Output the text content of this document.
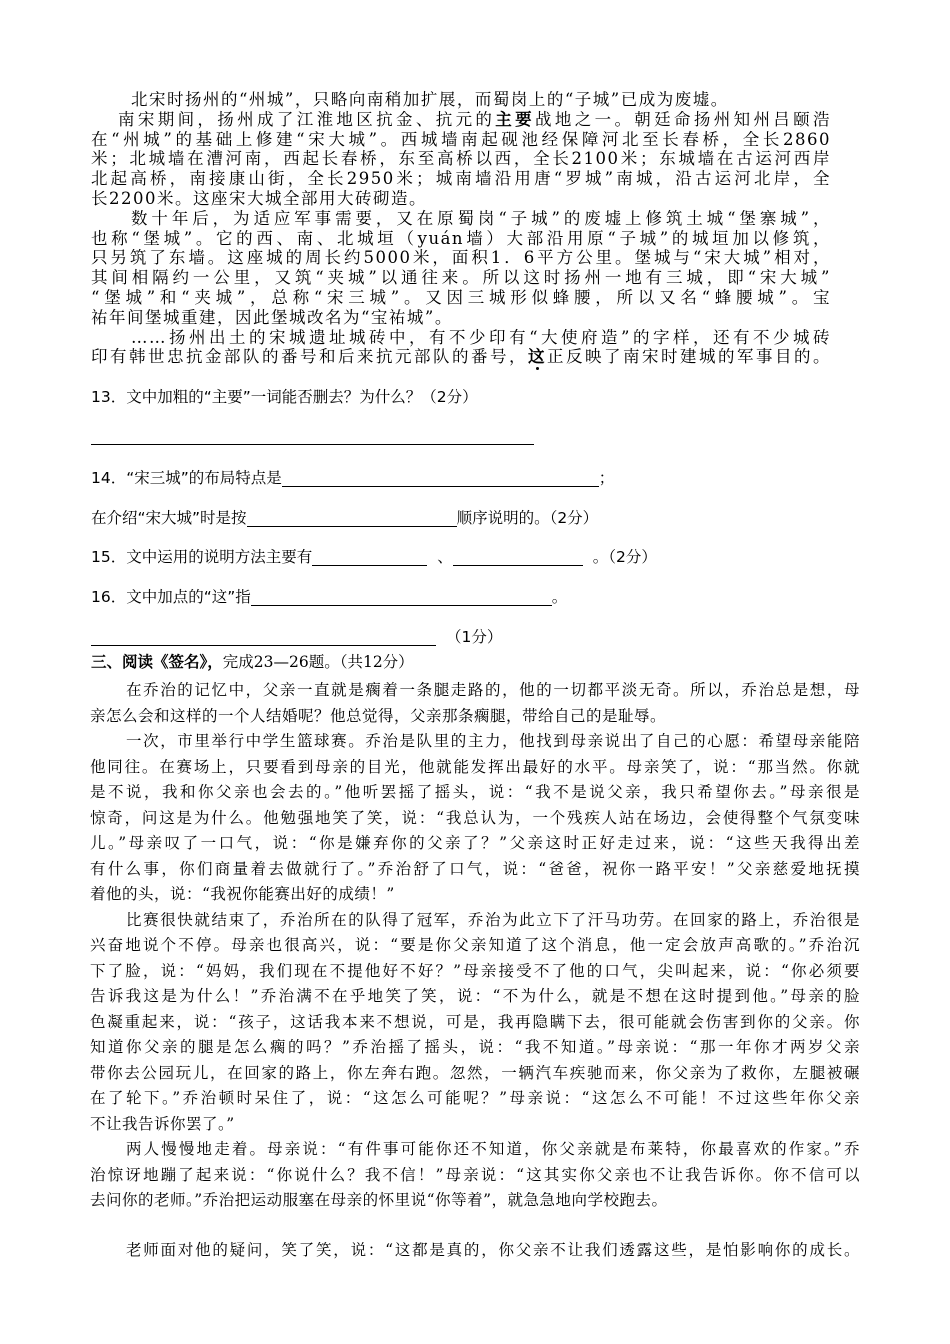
北宋时扬州的“州城”，只略向南稍加扩展，而蜀岗上的“子城”已成为废墟。
南宋期间，扬州成了江淮地区抗金、抗元的主要战地之一。朝廷命扬州知州吕颐浩
在“州城”的基础上修建“宋大城”。西城墙南起砚池经保障河北至长春桥，全长2860
米；北城墙在漕河南，西起长春桥，东至高桥以西，全长2100米；东城墙在古运河西岸
北起高桥，南接康山街，全长2950米；城南墙沿用唐“罗城”南城，沿古运河北岸，全
长2200米。这座宋大城全部用大砖砌造。
数十年后，为适应军事需要，又在原蜀岗“子城”的废墟上修筑土城“堡寨城”，
也称“堡城”。它的西、南、北城垣（yuán墙）大部沿用原“子城”的城垣加以修筑，
只另筑了东墙。这座城的周长约5000米，面积1．6平方公里。堡城与“宋大城”相对，
其间相隔约一公里，又筑“夹城”以通往来。所以这时扬州一地有三城，即“宋大城”
“堡城”和“夹城”，总称“宋三城”。又因三城形似蜂腰，所以又名“蜂腰城”。宝
祐年间堡城重建，因此堡城改名为“宝祐城”。
……扬州出土的宋城遗址城砖中，有不少印有“大使府造”的字样，还有不少城砖
印有韩世忠抗金部队的番号和后来抗元部队的番号，这正反映了南宋时建城的军事目的。
13．文中加粗的“主要”一词能否删去？为什么？（2分）
14．“宋三城”的布局特点是	；
在介绍“宋大城”时是按	顺序说明的。（2分）
15．文中运用的说明方法主要有	、	。（2分）
16．文中加点的“这”指	。
（1分）
三、阅读《签名》，完成23—26题。（共12分）
在乔治的记忆中，父亲一直就是瘸着一条腿走路的，他的一切都平淡无奇。所以，乔治总是想，母
亲怎么会和这样的一个人结婚呢？他总觉得，父亲那条瘸腿，带给自己的是耻辱。
一次，市里举行中学生篮球赛。乔治是队里的主力，他找到母亲说出了自己的心愿：希望母亲能陪
他同往。在赛场上，只要看到母亲的目光，他就能发挥出最好的水平。母亲笑了，说：“那当然。你就
是不说，我和你父亲也会去的。”他听罢摇了摇头，说：“我不是说父亲，我只希望你去。”母亲很是
惊奇，问这是为什么。他勉强地笑了笑，说：“我总认为，一个残疾人站在场边，会使得整个气氛变味
儿。”母亲叹了一口气，说：“你是嫌弃你的父亲了？”父亲这时正好走过来，说：“这些天我得出差
有什么事，你们商量着去做就行了。”乔治舒了口气，说：“爸爸，祝你一路平安！”父亲慈爱地抚摸
着他的头，说：“我祝你能赛出好的成绩！”
比赛很快就结束了，乔治所在的队得了冠军，乔治为此立下了汗马功劳。在回家的路上，乔治很是
兴奋地说个不停。母亲也很高兴，说：“要是你父亲知道了这个消息，他一定会放声高歌的。”乔治沉
下了脸，说：“妈妈，我们现在不提他好不好？”母亲接受不了他的口气，尖叫起来，说：“你必须要
告诉我这是为什么！”乔治满不在乎地笑了笑，说：“不为什么，就是不想在这时提到他。”母亲的脸
色凝重起来，说：“孩子，这话我本来不想说，可是，我再隐瞒下去，很可能就会伤害到你的父亲。你
知道你父亲的腿是怎么瘸的吗？”乔治摇了摇头，说：“我不知道。”母亲说：“那一年你才两岁父亲
带你去公园玩儿，在回家的路上，你左奔右跑。忽然，一辆汽车疾驰而来，你父亲为了救你，左腿被碾
在了轮下。”乔治顿时呆住了，说：“这怎么可能呢？”母亲说：“这怎么不可能！不过这些年你父亲
不让我告诉你罢了。”
两人慢慢地走着。母亲说：“有件事可能你还不知道，你父亲就是布莱特，你最喜欢的作家。”乔
治惊讶地蹦了起来说：“你说什么？我不信！”母亲说：“这其实你父亲也不让我告诉你。你不信可以
去问你的老师。”乔治把运动服塞在母亲的怀里说“你等着”，就急急地向学校跑去。
老师面对他的疑问，笑了笑，说：“这都是真的，你父亲不让我们透露这些，是怕影响你的成长。
